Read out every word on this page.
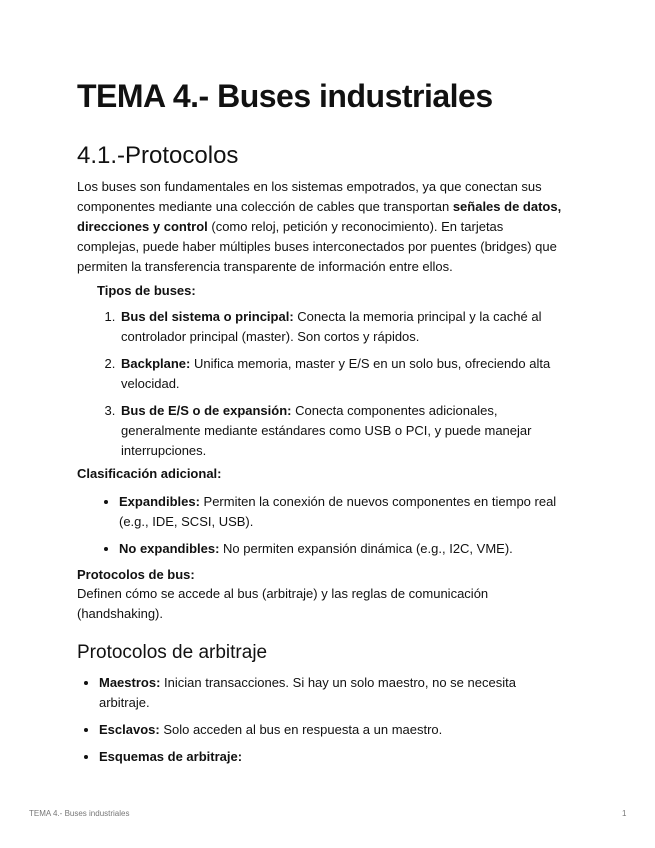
TEMA 4.- Buses industriales
4.1.-Protocolos

Los buses son fundamentales en los sistemas empotrados, ya que conectan sus componentes mediante una colección de cables que transportan señales de datos, direcciones y control (como reloj, petición y reconocimiento). En tarjetas complejas, puede haber múltiples buses interconectados por puentes (bridges) que permiten la transferencia transparente de información entre ellos.

Tipos de buses:

1. Bus del sistema o principal: Conecta la memoria principal y la caché al controlador principal (master). Son cortos y rápidos.
2. Backplane: Unifica memoria, master y E/S en un solo bus, ofreciendo alta velocidad.
3. Bus de E/S o de expansión: Conecta componentes adicionales, generalmente mediante estándares como USB o PCI, y puede manejar interrupciones.

Clasificación adicional:

• Expandibles: Permiten la conexión de nuevos componentes en tiempo real (e.g., IDE, SCSI, USB).
• No expandibles: No permiten expansión dinámica (e.g., I2C, VME).

Protocolos de bus:

Definen cómo se accede al bus (arbitraje) y las reglas de comunicación (handshaking).

Protocolos de arbitraje
• Maestros: Inician transacciones. Si hay un solo maestro, no se necesita arbitraje.
• Esclavos: Solo acceden al bus en respuesta a un maestro.
• Esquemas de arbitraje:
TEMA 4.- Buses industriales	1
